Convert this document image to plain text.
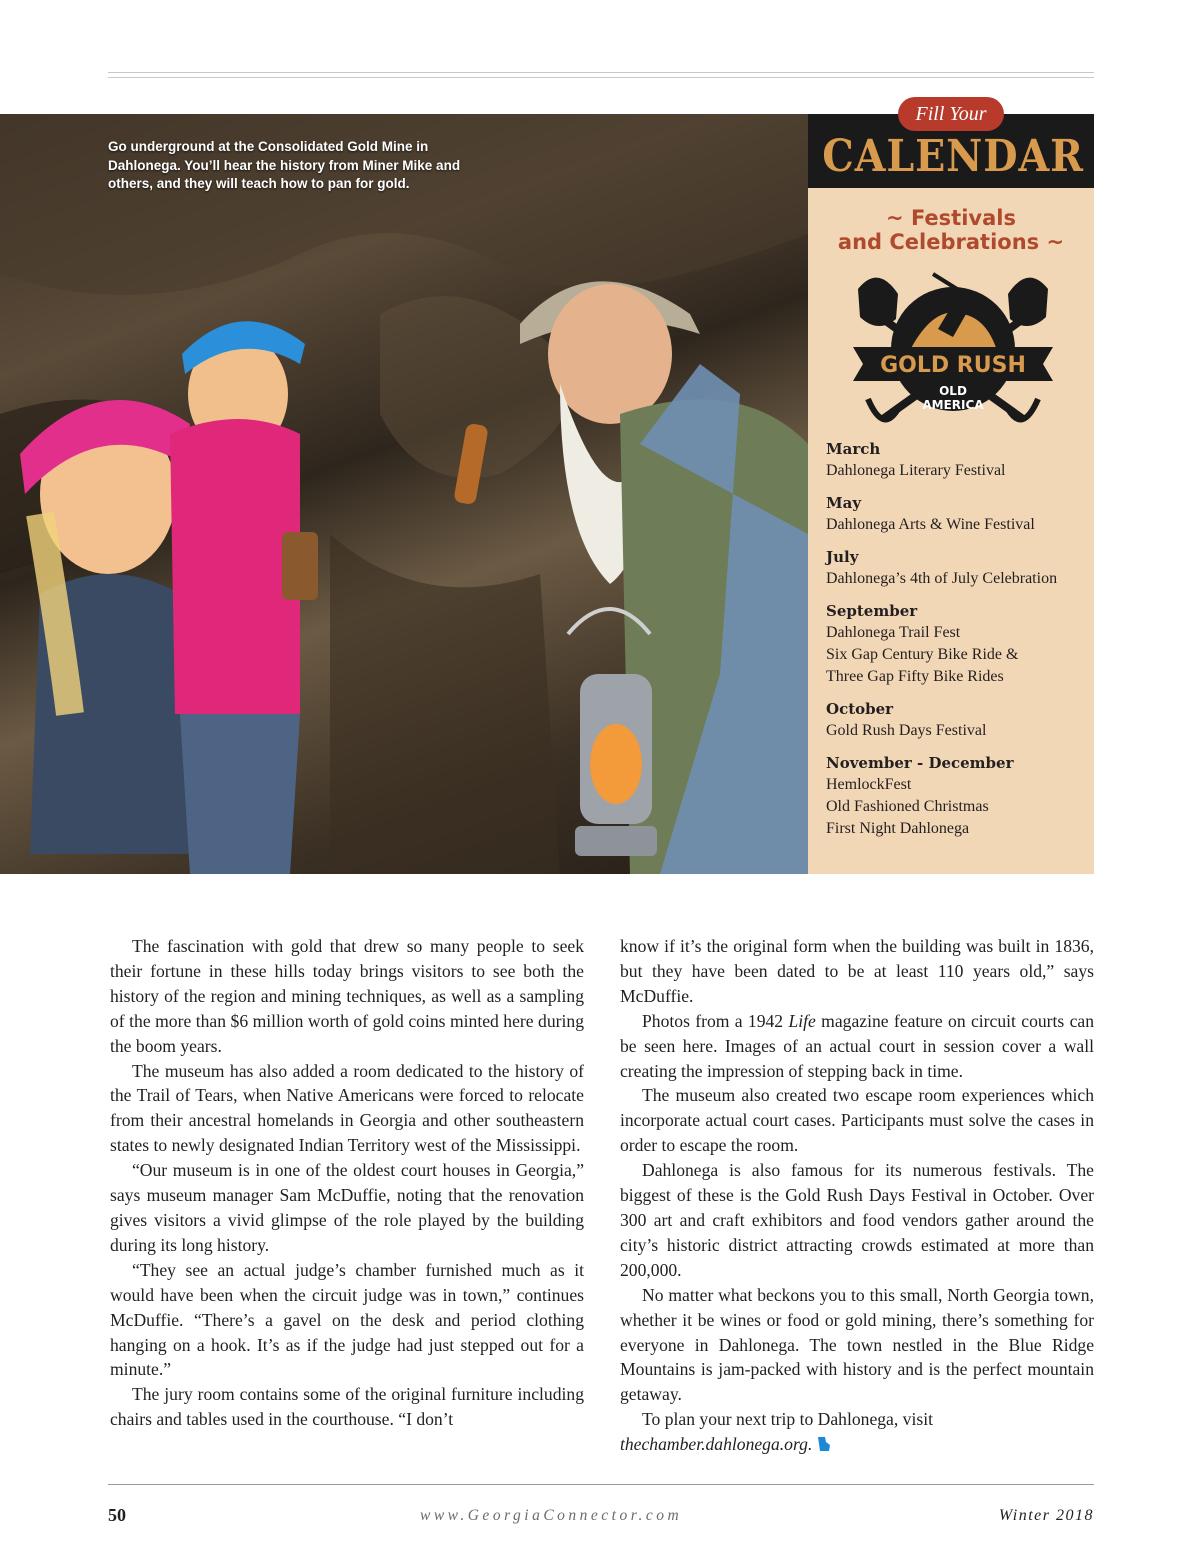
Go underground at the Consolidated Gold Mine in Dahlonega. You’ll hear the history from Miner Mike and others, and they will teach how to pan for gold.
CALENDAR
Fill Your
~ Festivals
and Celebrations ~
GOLD RUSH
OLD
AMERICA
March
Dahlonega Literary Festival
May
Dahlonega Arts & Wine Festival
July
Dahlonega’s 4th of July Celebration
September
Dahlonega Trail Fest
Six Gap Century Bike Ride &
Three Gap Fifty Bike Rides
October
Gold Rush Days Festival
November - December
HemlockFest
Old Fashioned Christmas
First Night Dahlonega

The fascination with gold that drew so many people to seek their fortune in these hills today brings visitors to see both the history of the region and mining techniques, as well as a sampling of the more than $6 million worth of gold coins minted here during the boom years.

The museum has also added a room dedicated to the history of the Trail of Tears, when Native Americans were forced to relocate from their ancestral homelands in Georgia and other southeastern states to newly designated Indian Territory west of the Mississippi.

“Our museum is in one of the oldest court houses in Georgia,” says museum manager Sam McDuffie, noting that the renovation gives visitors a vivid glimpse of the role played by the building during its long history.

“They see an actual judge’s chamber furnished much as it would have been when the circuit judge was in town,” continues McDuffie. “There’s a gavel on the desk and period clothing hanging on a hook. It’s as if the judge had just stepped out for a minute.”

The jury room contains some of the original furniture including chairs and tables used in the courthouse. “I don’t

know if it’s the original form when the building was built in 1836, but they have been dated to be at least 110 years old,” says McDuffie.

Photos from a 1942 Life magazine feature on circuit courts can be seen here. Images of an actual court in session cover a wall creating the impression of stepping back in time.

The museum also created two escape room experiences which incorporate actual court cases. Participants must solve the cases in order to escape the room.

Dahlonega is also famous for its numerous festivals. The biggest of these is the Gold Rush Days Festival in October. Over 300 art and craft exhibitors and food vendors gather around the city’s historic district attracting crowds estimated at more than 200,000.

No matter what beckons you to this small, North Georgia town, whether it be wines or food or gold mining, there’s something for everyone in Dahlonega. The town nestled in the Blue Ridge Mountains is jam-packed with history and is the perfect mountain getaway.

To plan your next trip to Dahlonega, visit
thechamber.dahlonega.org.

50	www.GeorgiaConnector.com	Winter 2018
